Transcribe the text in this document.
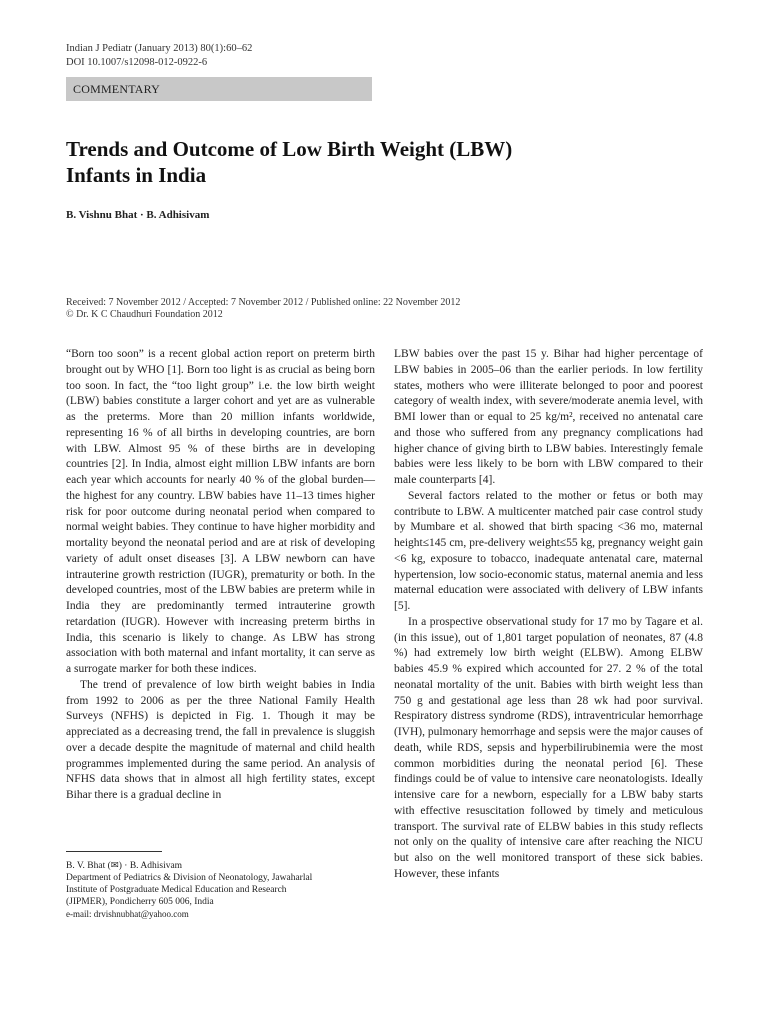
Indian J Pediatr (January 2013) 80(1):60–62
DOI 10.1007/s12098-012-0922-6
COMMENTARY
Trends and Outcome of Low Birth Weight (LBW)
Infants in India
B. Vishnu Bhat · B. Adhisivam
Received: 7 November 2012 / Accepted: 7 November 2012 / Published online: 22 November 2012
© Dr. K C Chaudhuri Foundation 2012

“Born too soon” is a recent global action report on preterm birth brought out by WHO [1]. Born too light is as crucial as being born too soon. In fact, the “too light group” i.e. the low birth weight (LBW) babies constitute a larger cohort and yet are as vulnerable as the preterms. More than 20 million infants worldwide, representing 16 % of all births in developing countries, are born with LBW. Almost 95 % of these births are in developing countries [2]. In India, almost eight million LBW infants are born each year which accounts for nearly 40 % of the global burden—the highest for any country. LBW babies have 11–13 times higher risk for poor outcome during neonatal period when compared to normal weight babies. They continue to have higher morbidity and mortality beyond the neonatal period and are at risk of developing variety of adult onset diseases [3]. A LBW newborn can have intrauterine growth restriction (IUGR), prematurity or both. In the developed countries, most of the LBW babies are preterm while in India they are predominantly termed intrauterine growth retardation (IUGR). However with increasing preterm births in India, this scenario is likely to change. As LBW has strong association with both maternal and infant mortality, it can serve as a surrogate marker for both these indices.

The trend of prevalence of low birth weight babies in India from 1992 to 2006 as per the three National Family Health Surveys (NFHS) is depicted in Fig. 1. Though it may be appreciated as a decreasing trend, the fall in prevalence is sluggish over a decade despite the magnitude of maternal and child health programmes implemented during the same period. An analysis of NFHS data shows that in almost all high fertility states, except Bihar there is a gradual decline in

B. V. Bhat (✉) · B. Adhisivam
Department of Pediatrics & Division of Neonatology, Jawaharlal
Institute of Postgraduate Medical Education and Research
(JIPMER), Pondicherry 605 006, India
e-mail: drvishnubhat@yahoo.com

LBW babies over the past 15 y. Bihar had higher percentage of LBW babies in 2005–06 than the earlier periods. In low fertility states, mothers who were illiterate belonged to poor and poorest category of wealth index, with severe/moderate anemia level, with BMI lower than or equal to 25 kg/m², received no antenatal care and those who suffered from any pregnancy complications had higher chance of giving birth to LBW babies. Interestingly female babies were less likely to be born with LBW compared to their male counterparts [4].

Several factors related to the mother or fetus or both may contribute to LBW. A multicenter matched pair case control study by Mumbare et al. showed that birth spacing <36 mo, maternal height≤145 cm, pre-delivery weight≤55 kg, pregnancy weight gain <6 kg, exposure to tobacco, inadequate antenatal care, maternal hypertension, low socio-economic status, maternal anemia and less maternal education were associated with delivery of LBW infants [5].

In a prospective observational study for 17 mo by Tagare et al. (in this issue), out of 1,801 target population of neonates, 87 (4.8 %) had extremely low birth weight (ELBW). Among ELBW babies 45.9 % expired which accounted for 27. 2 % of the total neonatal mortality of the unit. Babies with birth weight less than 750 g and gestational age less than 28 wk had poor survival. Respiratory distress syndrome (RDS), intraventricular hemorrhage (IVH), pulmonary hemorrhage and sepsis were the major causes of death, while RDS, sepsis and hyperbilirubinemia were the most common morbidities during the neonatal period [6]. These findings could be of value to intensive care neonatologists. Ideally intensive care for a newborn, especially for a LBW baby starts with effective resuscitation followed by timely and meticulous transport. The survival rate of ELBW babies in this study reflects not only on the quality of intensive care after reaching the NICU but also on the well monitored transport of these sick babies. However, these infants
